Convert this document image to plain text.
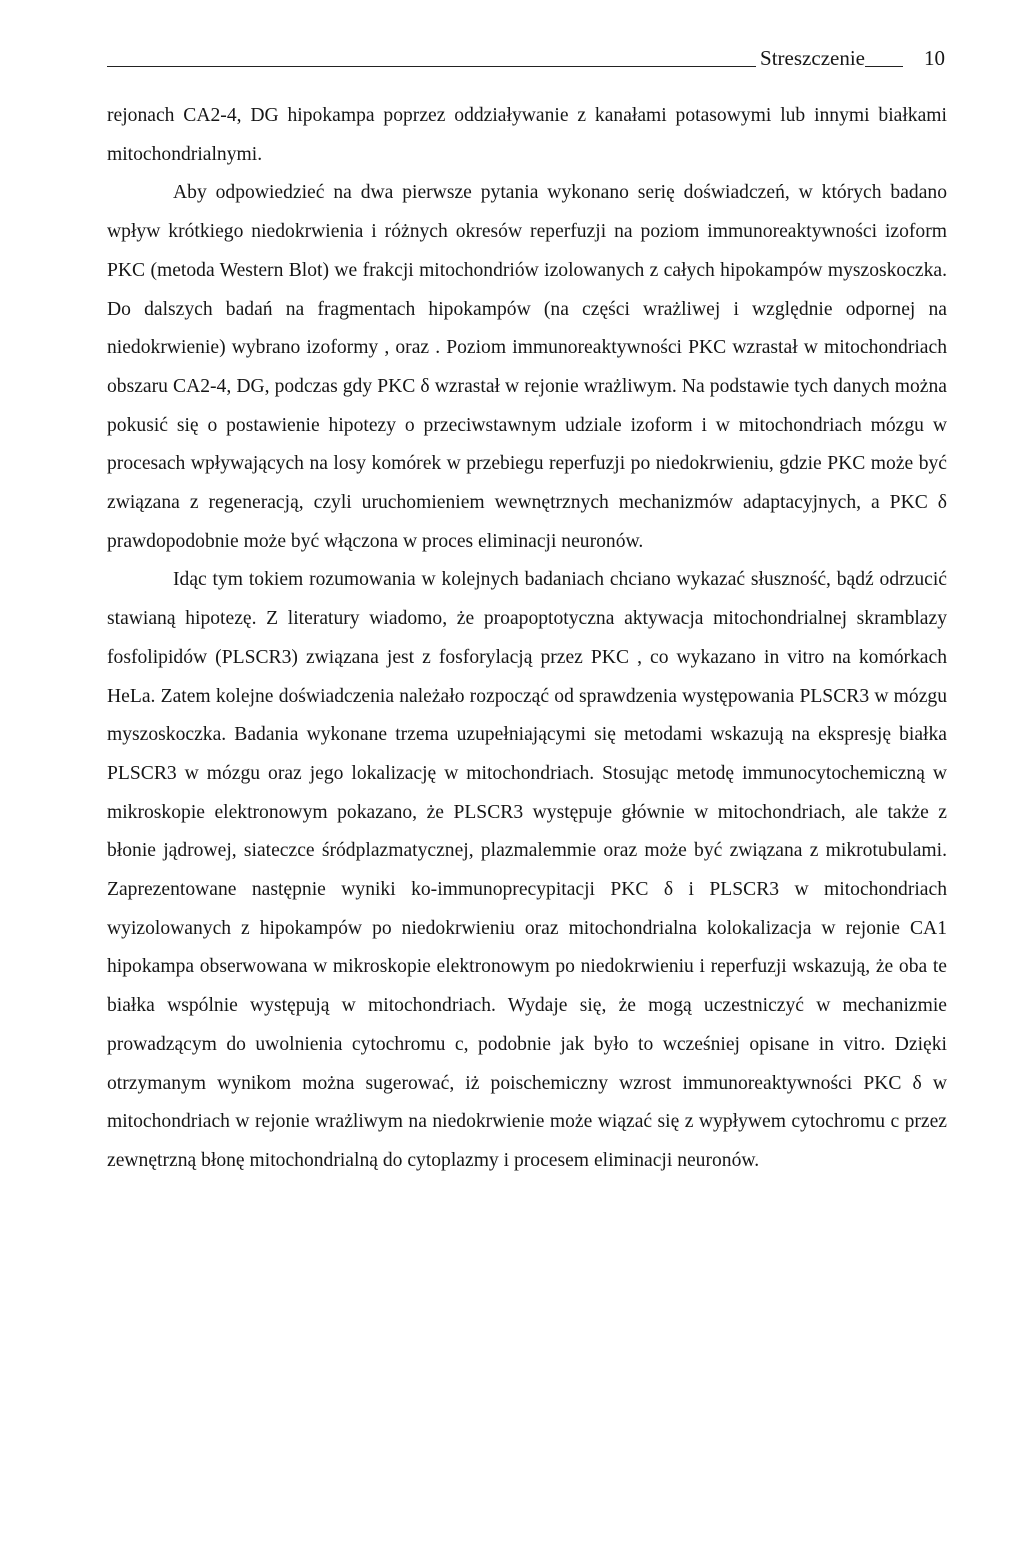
Streszczenie	10

rejonach CA2-4, DG hipokampa poprzez oddziaływanie z kanałami potasowymi lub innymi białkami mitochondrialnymi.

Aby odpowiedzieć na dwa pierwsze pytania wykonano serię doświadczeń, w których badano wpływ krótkiego niedokrwienia i różnych okresów reperfuzji na poziom immunoreaktywności izoform PKC (metoda Western Blot) we frakcji mitochondriów izolowanych z całych hipokampów myszoskoczka. Do dalszych badań na fragmentach hipokampów (na części wrażliwej i względnie odpornej na niedokrwienie) wybrano izoformy , oraz . Poziom immunoreaktywności PKC wzrastał w mitochondriach obszaru CA2-4, DG, podczas gdy PKC δ wzrastał w rejonie wrażliwym. Na podstawie tych danych można pokusić się o postawienie hipotezy o przeciwstawnym udziale izoform i w mitochondriach mózgu w procesach wpływających na losy komórek w przebiegu reperfuzji po niedokrwieniu, gdzie PKC może być związana z regeneracją, czyli uruchomieniem wewnętrznych mechanizmów adaptacyjnych, a PKC δ prawdopodobnie może być włączona w proces eliminacji neuronów.

Idąc tym tokiem rozumowania w kolejnych badaniach chciano wykazać słuszność, bądź odrzucić stawianą hipotezę. Z literatury wiadomo, że proapoptotyczna aktywacja mitochondrialnej skramblazy fosfolipidów (PLSCR3) związana jest z fosforylacją przez PKC , co wykazano in vitro na komórkach HeLa. Zatem kolejne doświadczenia należało rozpocząć od sprawdzenia występowania PLSCR3 w mózgu myszoskoczka. Badania wykonane trzema uzupełniającymi się metodami wskazują na ekspresję białka PLSCR3 w mózgu oraz jego lokalizację w mitochondriach. Stosując metodę immunocytochemiczną w mikroskopie elektronowym pokazano, że PLSCR3 występuje głównie w mitochondriach, ale także z błonie jądrowej, siateczce śródplazmatycznej, plazmalemmie oraz może być związana z mikrotubulami. Zaprezentowane następnie wyniki ko-immunoprecypitacji PKC δ i PLSCR3 w mitochondriach wyizolowanych z hipokampów po niedokrwieniu oraz mitochondrialna kolokalizacja w rejonie CA1 hipokampa obserwowana w mikroskopie elektronowym po niedokrwieniu i reperfuzji wskazują, że oba te białka wspólnie występują w mitochondriach. Wydaje się, że mogą uczestniczyć w mechanizmie prowadzącym do uwolnienia cytochromu c, podobnie jak było to wcześniej opisane in vitro. Dzięki otrzymanym wynikom można sugerować, iż poischemiczny wzrost immunoreaktywności PKC δ w mitochondriach w rejonie wrażliwym na niedokrwienie może wiązać się z wypływem cytochromu c przez zewnętrzną błonę mitochondrialną do cytoplazmy i procesem eliminacji neuronów.
